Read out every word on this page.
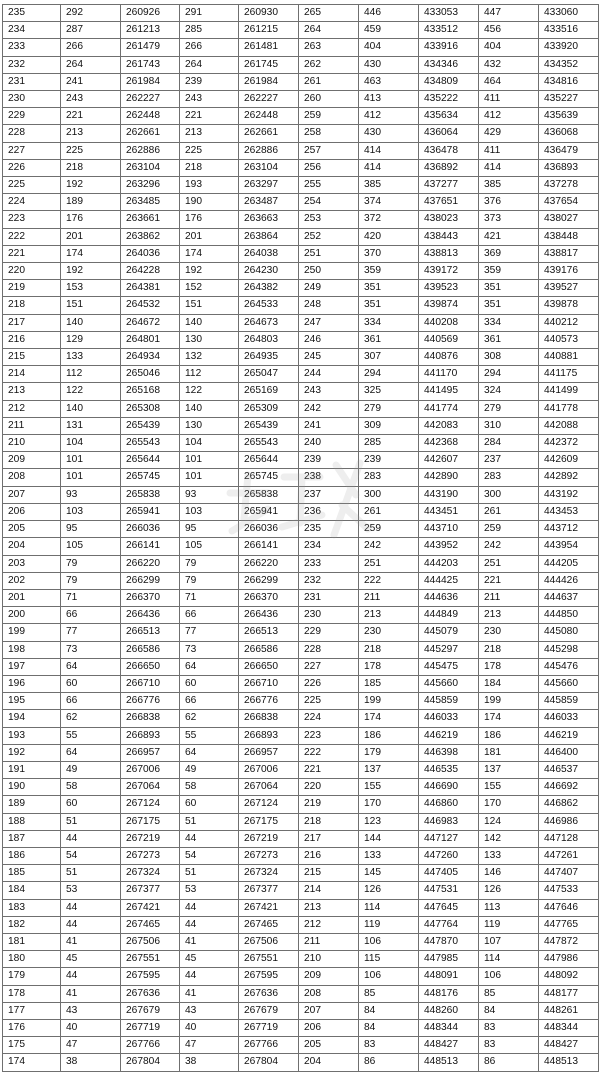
235	292	260926	291	260930	265	446	433053	447	433060
234	287	261213	285	261215	264	459	433512	456	433516
233	266	261479	266	261481	263	404	433916	404	433920
232	264	261743	264	261745	262	430	434346	432	434352
231	241	261984	239	261984	261	463	434809	464	434816
230	243	262227	243	262227	260	413	435222	411	435227
229	221	262448	221	262448	259	412	435634	412	435639
228	213	262661	213	262661	258	430	436064	429	436068
227	225	262886	225	262886	257	414	436478	411	436479
226	218	263104	218	263104	256	414	436892	414	436893
225	192	263296	193	263297	255	385	437277	385	437278
224	189	263485	190	263487	254	374	437651	376	437654
223	176	263661	176	263663	253	372	438023	373	438027
222	201	263862	201	263864	252	420	438443	421	438448
221	174	264036	174	264038	251	370	438813	369	438817
220	192	264228	192	264230	250	359	439172	359	439176
219	153	264381	152	264382	249	351	439523	351	439527
218	151	264532	151	264533	248	351	439874	351	439878
217	140	264672	140	264673	247	334	440208	334	440212
216	129	264801	130	264803	246	361	440569	361	440573
215	133	264934	132	264935	245	307	440876	308	440881
214	112	265046	112	265047	244	294	441170	294	441175
213	122	265168	122	265169	243	325	441495	324	441499
212	140	265308	140	265309	242	279	441774	279	441778
211	131	265439	130	265439	241	309	442083	310	442088
210	104	265543	104	265543	240	285	442368	284	442372
209	101	265644	101	265644	239	239	442607	237	442609
208	101	265745	101	265745	238	283	442890	283	442892
207	93	265838	93	265838	237	300	443190	300	443192
206	103	265941	103	265941	236	261	443451	261	443453
205	95	266036	95	266036	235	259	443710	259	443712
204	105	266141	105	266141	234	242	443952	242	443954
203	79	266220	79	266220	233	251	444203	251	444205
202	79	266299	79	266299	232	222	444425	221	444426
201	71	266370	71	266370	231	211	444636	211	444637
200	66	266436	66	266436	230	213	444849	213	444850
199	77	266513	77	266513	229	230	445079	230	445080
198	73	266586	73	266586	228	218	445297	218	445298
197	64	266650	64	266650	227	178	445475	178	445476
196	60	266710	60	266710	226	185	445660	184	445660
195	66	266776	66	266776	225	199	445859	199	445859
194	62	266838	62	266838	224	174	446033	174	446033
193	55	266893	55	266893	223	186	446219	186	446219
192	64	266957	64	266957	222	179	446398	181	446400
191	49	267006	49	267006	221	137	446535	137	446537
190	58	267064	58	267064	220	155	446690	155	446692
189	60	267124	60	267124	219	170	446860	170	446862
188	51	267175	51	267175	218	123	446983	124	446986
187	44	267219	44	267219	217	144	447127	142	447128
186	54	267273	54	267273	216	133	447260	133	447261
185	51	267324	51	267324	215	145	447405	146	447407
184	53	267377	53	267377	214	126	447531	126	447533
183	44	267421	44	267421	213	114	447645	113	447646
182	44	267465	44	267465	212	119	447764	119	447765
181	41	267506	41	267506	211	106	447870	107	447872
180	45	267551	45	267551	210	115	447985	114	447986
179	44	267595	44	267595	209	106	448091	106	448092
178	41	267636	41	267636	208	85	448176	85	448177
177	43	267679	43	267679	207	84	448260	84	448261
176	40	267719	40	267719	206	84	448344	83	448344
175	47	267766	47	267766	205	83	448427	83	448427
174	38	267804	38	267804	204	86	448513	86	448513
